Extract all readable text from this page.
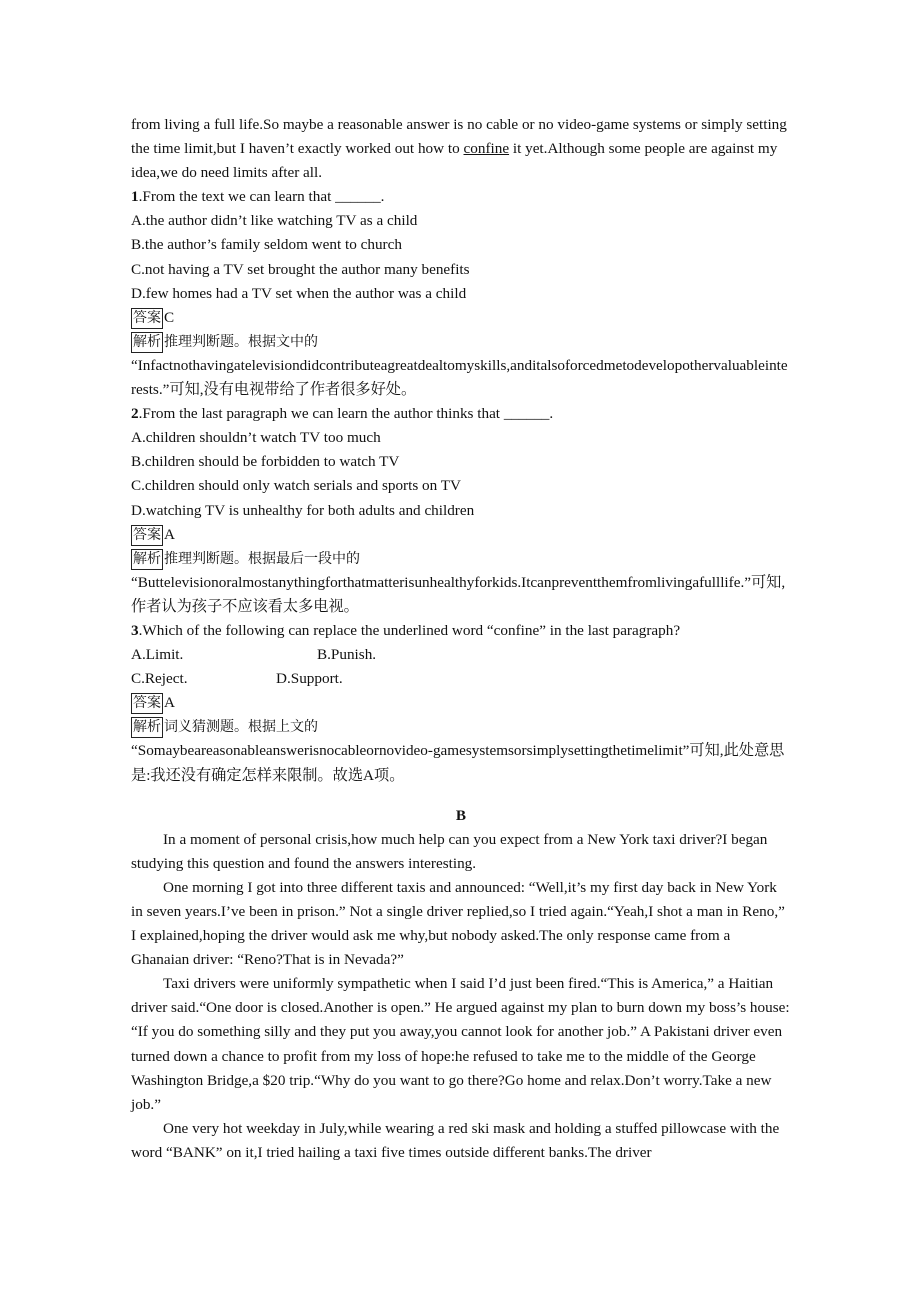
from living a full life.So maybe a reasonable answer is no cable or no video-game systems or simply setting the time limit,but I haven’t exactly worked out how to confine it yet.Although some people are against my idea,we do need limits after all.

1.From the text we can learn that ______.
A.the author didn’t like watching TV as a child
B.the author’s family seldom went to church
C.not having a TV set brought the author many benefits
D.few homes had a TV set when the author was a child
答案 C
解析 推理判断题。根据文中的
“Infactnothavingatelevisiondidcontributeagreatdealtomyskills,anditalsoforcedmetodevelopothervaluableinterests.”可知,没有电视带给了作者很多好处。
2.From the last paragraph we can learn the author thinks that ______.
A.children shouldn’t watch TV too much
B.children should be forbidden to watch TV
C.children should only watch serials and sports on TV
D.watching TV is unhealthy for both adults and children
答案 A
解析 推理判断题。根据最后一段中的
“Buttelevisionoralmostanythingforthatmatterisunhealthyforkids.Itcanpreventthemfromlivingafulllife.”可知,作者认为孩子不应该看太多电视。
3.Which of the following can replace the underlined word “confine” in the last paragraph?
A.Limit.	B.Punish.
C.Reject.	D.Support.
答案 A
解析 词义猜测题。根据上文的
“Somaybeareasonableanswerisnocableornovideo-gamesystemsorsimplysettingthetimelimit”可知,此处意思是:我还没有确定怎样来限制。故选A项。
B

In a moment of personal crisis,how much help can you expect from a New York taxi driver?I began studying this question and found the answers interesting.

One morning I got into three different taxis and announced: “Well,it’s my first day back in New York in seven years.I’ve been in prison.” Not a single driver replied,so I tried again.“Yeah,I shot a man in Reno,” I explained,hoping the driver would ask me why,but nobody asked.The only response came from a Ghanaian driver: “Reno?That is in Nevada?”

Taxi drivers were uniformly sympathetic when I said I’d just been fired.“This is America,” a Haitian driver said.“One door is closed.Another is open.” He argued against my plan to burn down my boss’s house: “If you do something silly and they put you away,you cannot look for another job.” A Pakistani driver even turned down a chance to profit from my loss of hope:he refused to take me to the middle of the George Washington Bridge,a $20 trip.“Why do you want to go there?Go home and relax.Don’t worry.Take a new job.”

One very hot weekday in July,while wearing a red ski mask and holding a stuffed pillowcase with the word “BANK” on it,I tried hailing a taxi five times outside different banks.The driver
